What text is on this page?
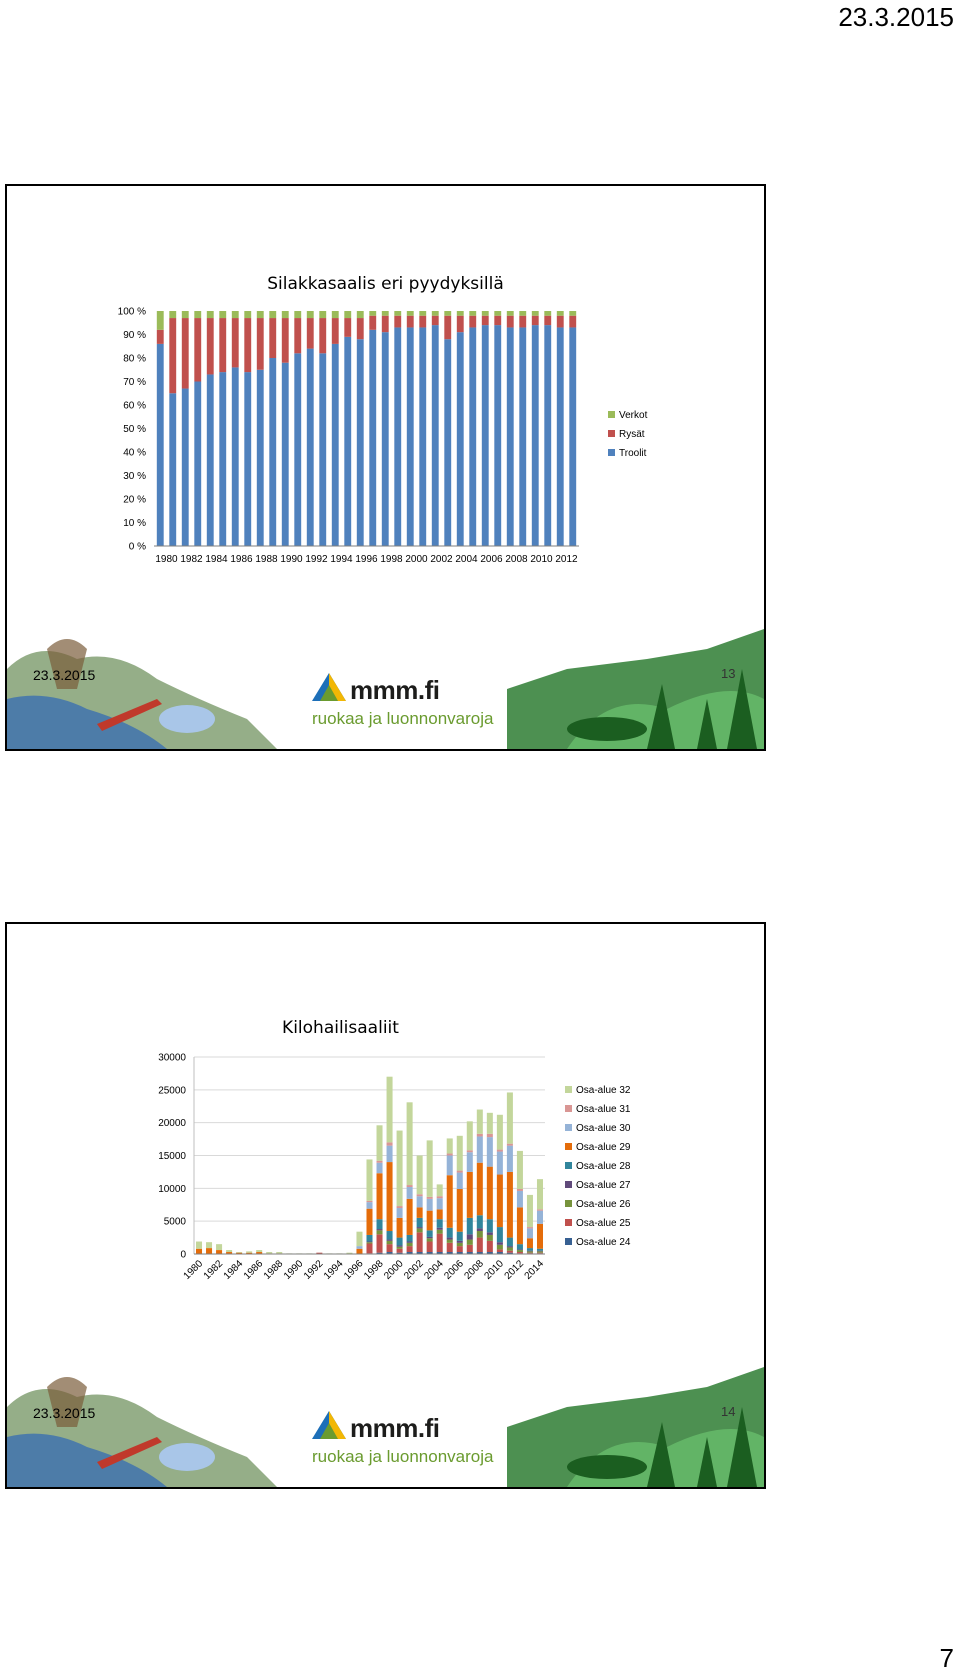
23.3.2015
Silakkasaalis eri pyydyksillä
0 %
10 %
20 %
30 %
40 %
50 %
60 %
70 %
80 %
90 %
100 %
1980 1982 1984 1986 1988 1990 1992 1994 1996 1998 2000 2002 2004 2006 2008 2010 2012
Verkot
Rysät
Troolit
23.3.2015	13
mmm.fi
ruokaa ja luonnonvaroja
Kilohailisaaliit
0
5000
10000
15000
20000
25000
30000
1980
1982
1984
1986
1988
1990
1992
1994
1996
1998
2000
2002
2004
2006
2008
2010
2012
2014
Osa-alue 32
Osa-alue 31
Osa-alue 30
Osa-alue 29
Osa-alue 28
Osa-alue 27
Osa-alue 26
Osa-alue 25
Osa-alue 24
23.3.2015	14
mmm.fi
ruokaa ja luonnonvaroja
7
